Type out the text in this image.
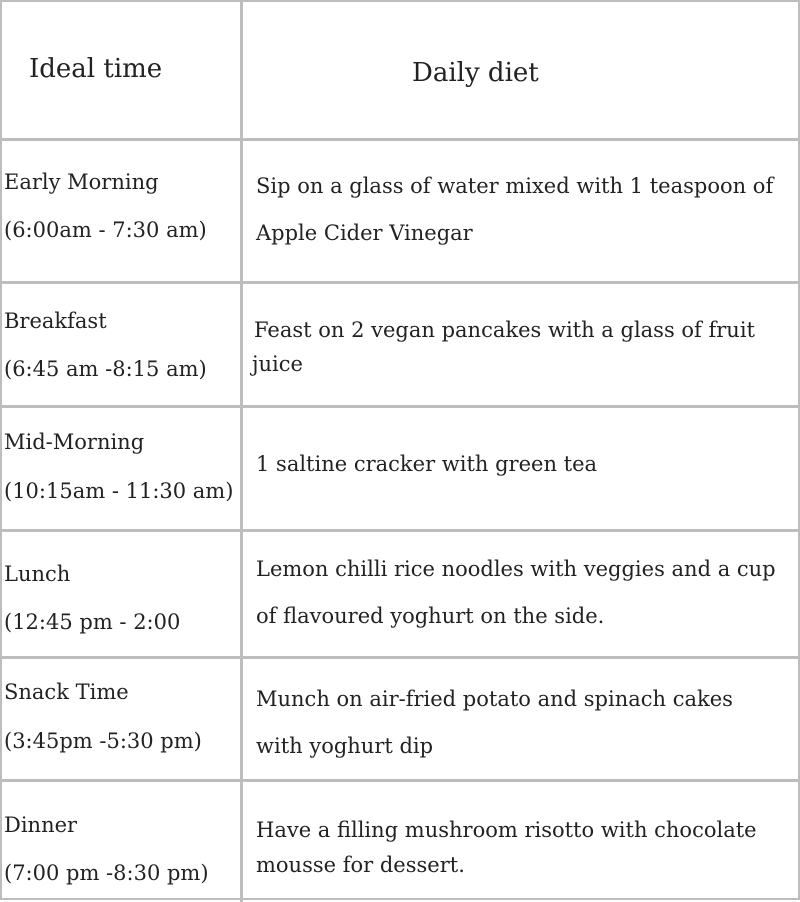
Ideal time	Daily diet
Early Morning
(6:00am - 7:30 am)
Sip on a glass of water mixed with 1 teaspoon of
Apple Cider Vinegar
Breakfast
(6:45 am -8:15 am)
Feast on 2 vegan pancakes with a glass of fruit
juice
Mid-Morning
(10:15am - 11:30 am)
1 saltine cracker with green tea
Lunch
(12:45 pm - 2:00
Lemon chilli rice noodles with veggies and a cup
of flavoured yoghurt on the side.
Snack Time
(3:45pm -5:30 pm)
Munch on air-fried potato and spinach cakes
with yoghurt dip
Dinner
(7:00 pm -8:30 pm)
Have a filling mushroom risotto with chocolate
mousse for dessert.
